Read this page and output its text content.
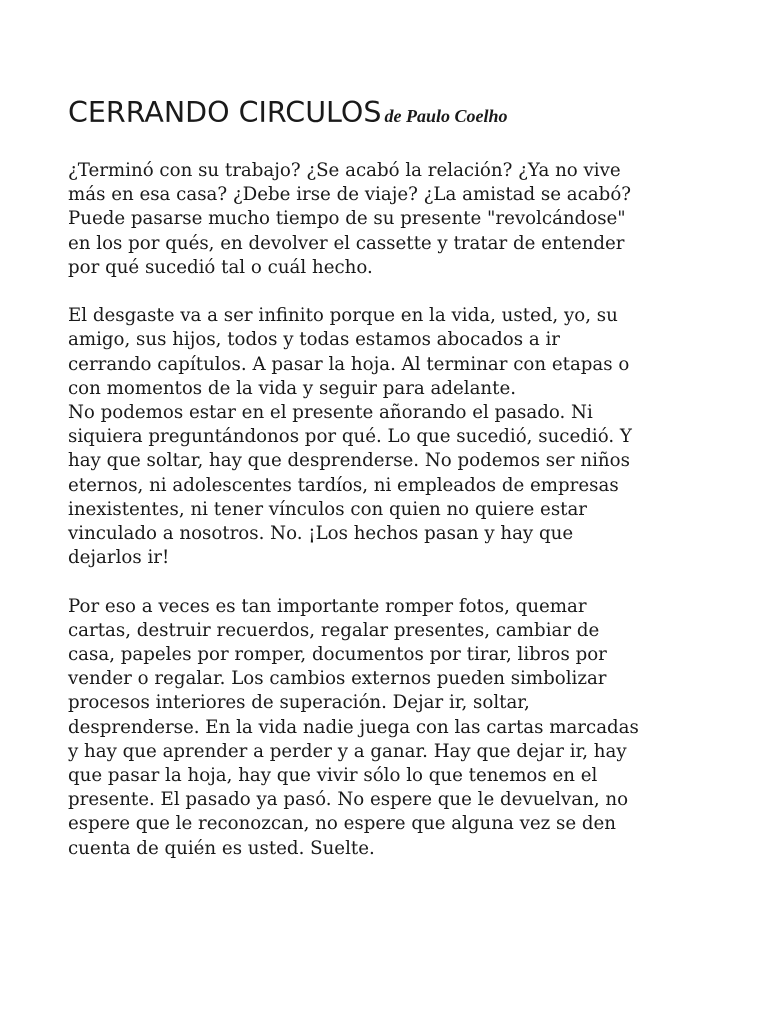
CERRANDO CIRCULOS de Paulo Coelho
¿Terminó con su trabajo? ¿Se acabó la relación? ¿Ya no vive
más en esa casa? ¿Debe irse de viaje? ¿La amistad se acabó?
Puede pasarse mucho tiempo de su presente "revolcándose"
en los por qués, en devolver el cassette y tratar de entender
por qué sucedió tal o cuál hecho.
El desgaste va a ser infinito porque en la vida, usted, yo, su
amigo, sus hijos, todos y todas estamos abocados a ir
cerrando capítulos. A pasar la hoja. Al terminar con etapas o
con momentos de la vida y seguir para adelante.
No podemos estar en el presente añorando el pasado. Ni
siquiera preguntándonos por qué. Lo que sucedió, sucedió. Y
hay que soltar, hay que desprenderse. No podemos ser niños
eternos, ni adolescentes tardíos, ni empleados de empresas
inexistentes, ni tener vínculos con quien no quiere estar
vinculado a nosotros. No. ¡Los hechos pasan y hay que
dejarlos ir!
Por eso a veces es tan importante romper fotos, quemar
cartas, destruir recuerdos, regalar presentes, cambiar de
casa, papeles por romper, documentos por tirar, libros por
vender o regalar. Los cambios externos pueden simbolizar
procesos interiores de superación. Dejar ir, soltar,
desprenderse. En la vida nadie juega con las cartas marcadas
y hay que aprender a perder y a ganar. Hay que dejar ir, hay
que pasar la hoja, hay que vivir sólo lo que tenemos en el
presente. El pasado ya pasó. No espere que le devuelvan, no
espere que le reconozcan, no espere que alguna vez se den
cuenta de quién es usted. Suelte.
